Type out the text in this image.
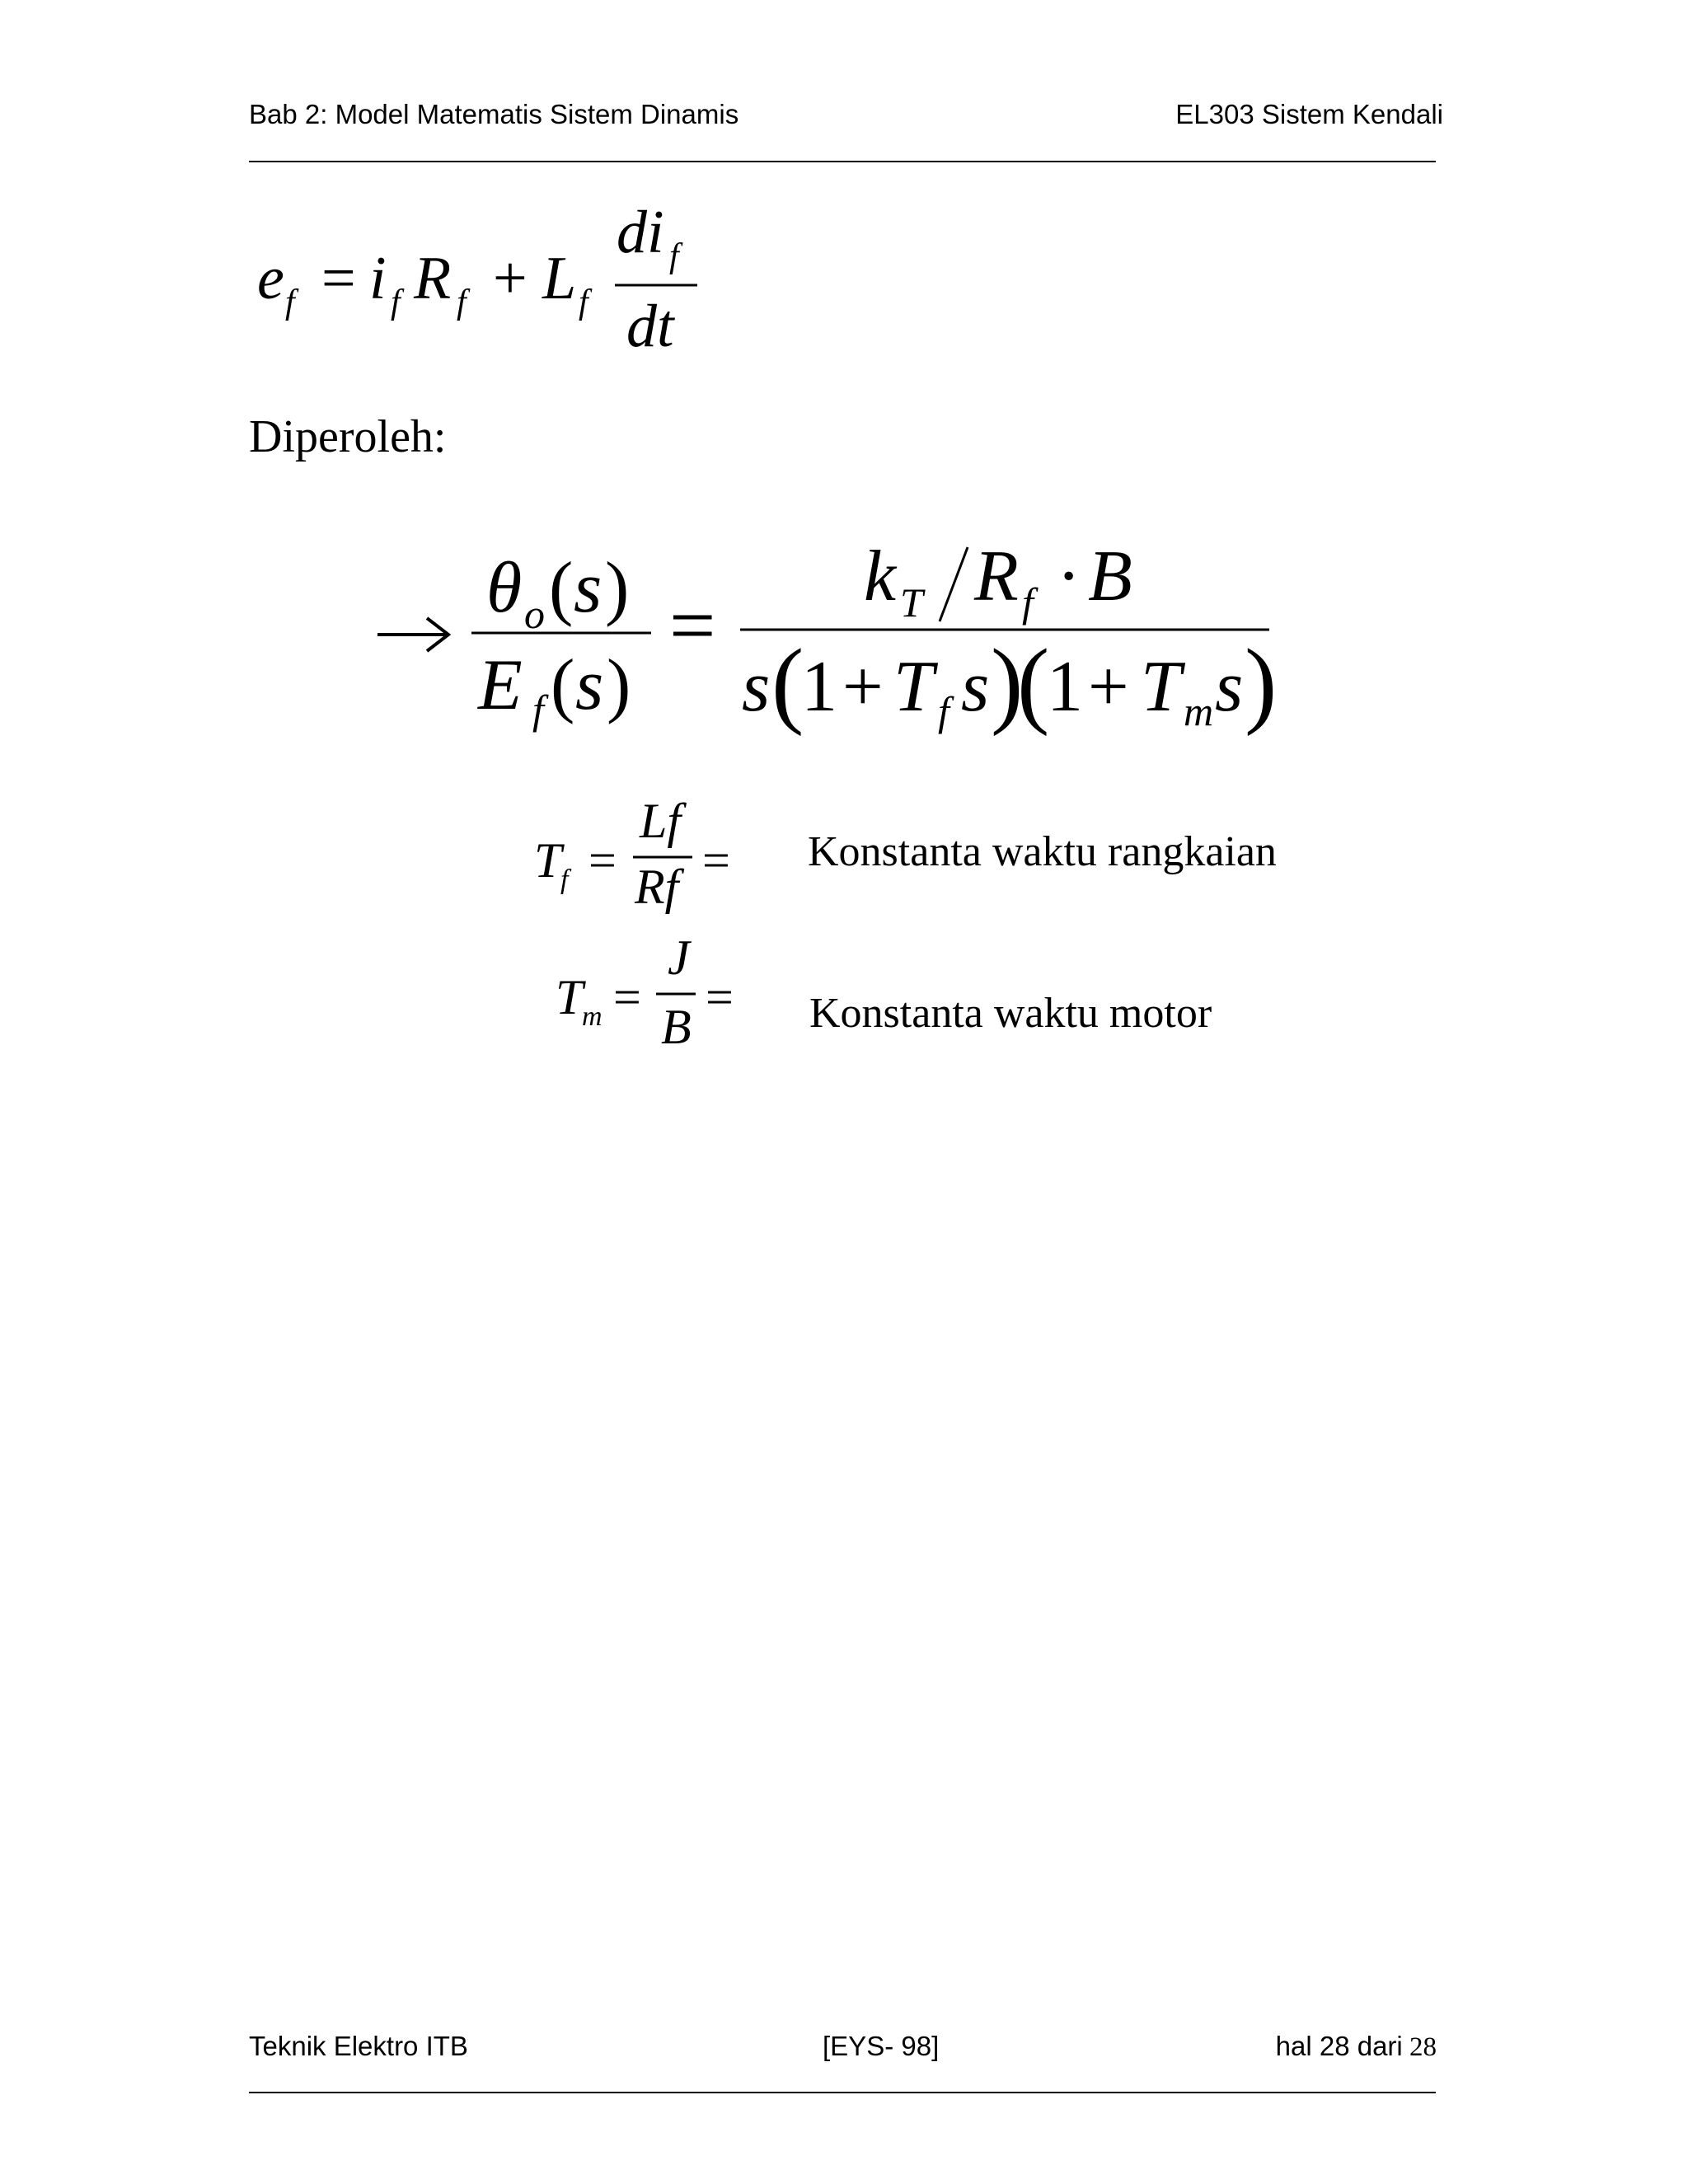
Bab 2: Model Matematis Sistem Dinamis	EL303 Sistem Kendali
e f = i f R f + L f
di f
dt
Diperoleh:
θ o ( s )
E f ( s )
=
k T R f · B
s (
1 + T f s )
(
1 + T m s )
T
f =
Lf
Rf = Konstanta waktu rangkaian
T
m =
J
B
= Konstanta waktu motor
Teknik Elektro ITB	[EYS- 98]	hal 28 dari 28
